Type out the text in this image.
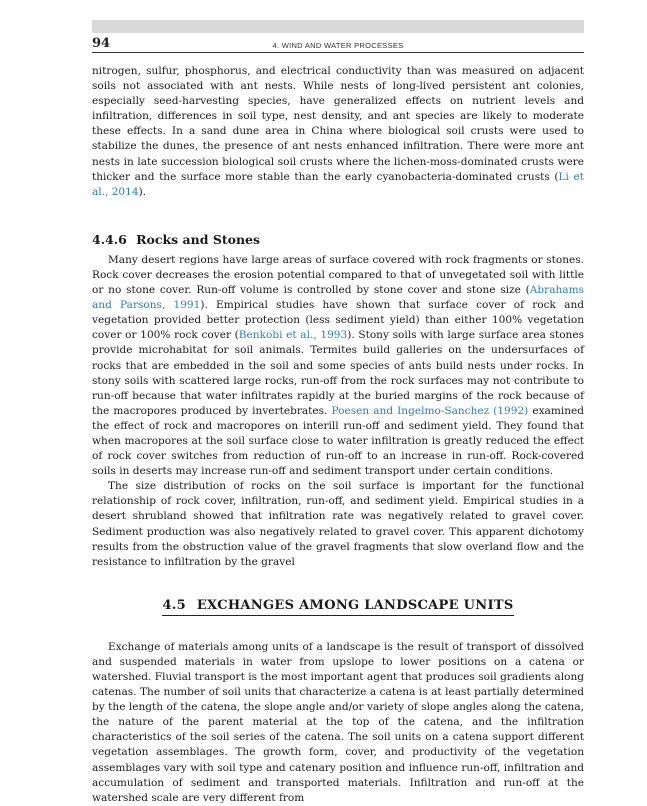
94	4. WIND AND WATER PROCESSES

nitrogen, sulfur, phosphorus, and electrical conductivity than was measured on adjacent soils not associated with ant nests. While nests of long-lived persistent ant colonies, especially seed-harvesting species, have generalized effects on nutrient levels and infiltration, differences in soil type, nest density, and ant species are likely to moderate these effects. In a sand dune area in China where biological soil crusts were used to stabilize the dunes, the presence of ant nests enhanced infiltration. There were more ant nests in late succession biological soil crusts where the lichen-moss-dominated crusts were thicker and the surface more stable than the early cyanobacteria-dominated crusts (Li et al., 2014).

4.4.6 Rocks and Stones

Many desert regions have large areas of surface covered with rock fragments or stones. Rock cover decreases the erosion potential compared to that of unvegetated soil with little or no stone cover. Run-off volume is controlled by stone cover and stone size (Abrahams and Parsons, 1991). Empirical studies have shown that surface cover of rock and vegetation provided better protection (less sediment yield) than either 100% vegetation cover or 100% rock cover (Benkobi et al., 1993). Stony soils with large surface area stones provide microhabitat for soil animals. Termites build galleries on the undersurfaces of rocks that are embedded in the soil and some species of ants build nests under rocks. In stony soils with scattered large rocks, run-off from the rock surfaces may not contribute to run-off because that water infiltrates rapidly at the buried margins of the rock because of the macropores produced by invertebrates. Poesen and Ingelmo-Sanchez (1992) examined the effect of rock and macropores on interill run-off and sediment yield. They found that when macropores at the soil surface close to water infiltration is greatly reduced the effect of rock cover switches from reduction of run-off to an increase in run-off. Rock-covered soils in deserts may increase run-off and sediment transport under certain conditions.

The size distribution of rocks on the soil surface is important for the functional relationship of rock cover, infiltration, run-off, and sediment yield. Empirical studies in a desert shrubland showed that infiltration rate was negatively related to gravel cover. Sediment production was also negatively related to gravel cover. This apparent dichotomy results from the obstruction value of the gravel fragments that slow overland flow and the resistance to infiltration by the gravel

4.5 EXCHANGES AMONG LANDSCAPE UNITS

Exchange of materials among units of a landscape is the result of transport of dissolved and suspended materials in water from upslope to lower positions on a catena or watershed. Fluvial transport is the most important agent that produces soil gradients along catenas. The number of soil units that characterize a catena is at least partially determined by the length of the catena, the slope angle and/or variety of slope angles along the catena, the nature of the parent material at the top of the catena, and the infiltration characteristics of the soil series of the catena. The soil units on a catena support different vegetation assemblages. The growth form, cover, and productivity of the vegetation assemblages vary with soil type and catenary position and influence run-off, infiltration and accumulation of sediment and transported materials. Infiltration and run-off at the watershed scale are very different from
